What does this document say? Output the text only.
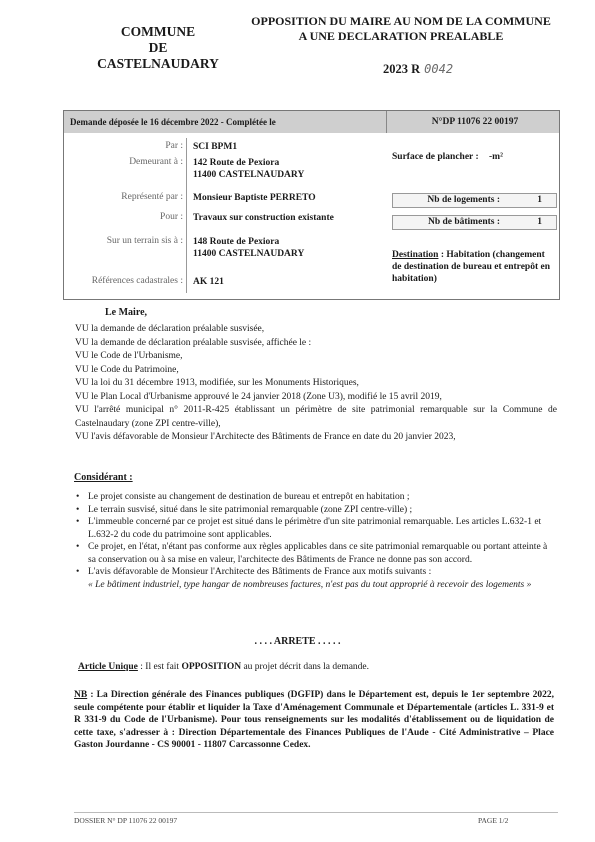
COMMUNE
DE
CASTELNAUDARY
OPPOSITION DU MAIRE AU NOM DE LA COMMUNE
A UNE DECLARATION PREALABLE
2023 R 0042
Demande déposée le 16 décembre 2022 - Complétée le	N°DP 11076 22 00197
Par : SCI BPM1
Demeurant à : 142 Route de Pexiora
11400 CASTELNAUDARY
Représenté par : Monsieur Baptiste PERRETO
Pour : Travaux sur construction existante
Sur un terrain sis à : 148 Route de Pexiora
11400 CASTELNAUDARY
Références cadastrales : AK 121
Surface de plancher : -m²
Nb de logements :	1
Nb de bâtiments :	1
Destination : Habitation (changement de destination de bureau et entrepôt en habitation)
Le Maire,
VU la demande de déclaration préalable susvisée,
VU la demande de déclaration préalable susvisée, affichée le :
VU le Code de l'Urbanisme,
VU le Code du Patrimoine,
VU la loi du 31 décembre 1913, modifiée, sur les Monuments Historiques,
VU le Plan Local d'Urbanisme approuvé le 24 janvier 2018 (Zone U3), modifié le 15 avril 2019,
VU l'arrêté municipal n° 2011-R-425 établissant un périmètre de site patrimonial remarquable sur la Commune de Castelnaudary (zone ZPI centre-ville),
VU l'avis défavorable de Monsieur l'Architecte des Bâtiments de France en date du 20 janvier 2023,
Considérant :
• Le projet consiste au changement de destination de bureau et entrepôt en habitation ;
• Le terrain susvisé, situé dans le site patrimonial remarquable (zone ZPI centre-ville) ;
• L'immeuble concerné par ce projet est situé dans le périmètre d'un site patrimonial remarquable. Les articles L.632-1 et L.632-2 du code du patrimoine sont applicables.
• Ce projet, en l'état, n'étant pas conforme aux règles applicables dans ce site patrimonial remarquable ou portant atteinte à sa conservation ou à sa mise en valeur, l'architecte des Bâtiments de France ne donne pas son accord.
• L'avis défavorable de Monsieur l'Architecte des Bâtiments de France aux motifs suivants :
« Le bâtiment industriel, type hangar de nombreuses factures, n'est pas du tout approprié à recevoir des logements »
. . . . ARRETE . . . . .
Article Unique : Il est fait OPPOSITION au projet décrit dans la demande.
NB : La Direction générale des Finances publiques (DGFIP) dans le Département est, depuis le 1er septembre 2022, seule compétente pour établir et liquider la Taxe d'Aménagement Communale et Départementale (articles L. 331-9 et R 331-9 du Code de l'Urbanisme). Pour tous renseignements sur les modalités d'établissement ou de liquidation de cette taxe, s'adresser à : Direction Départementale des Finances Publiques de l'Aude - Cité Administrative – Place Gaston Jourdanne - CS 90001 - 11807 Carcassonne Cedex.
DOSSIER N° DP 11076 22 00197	PAGE 1/2
